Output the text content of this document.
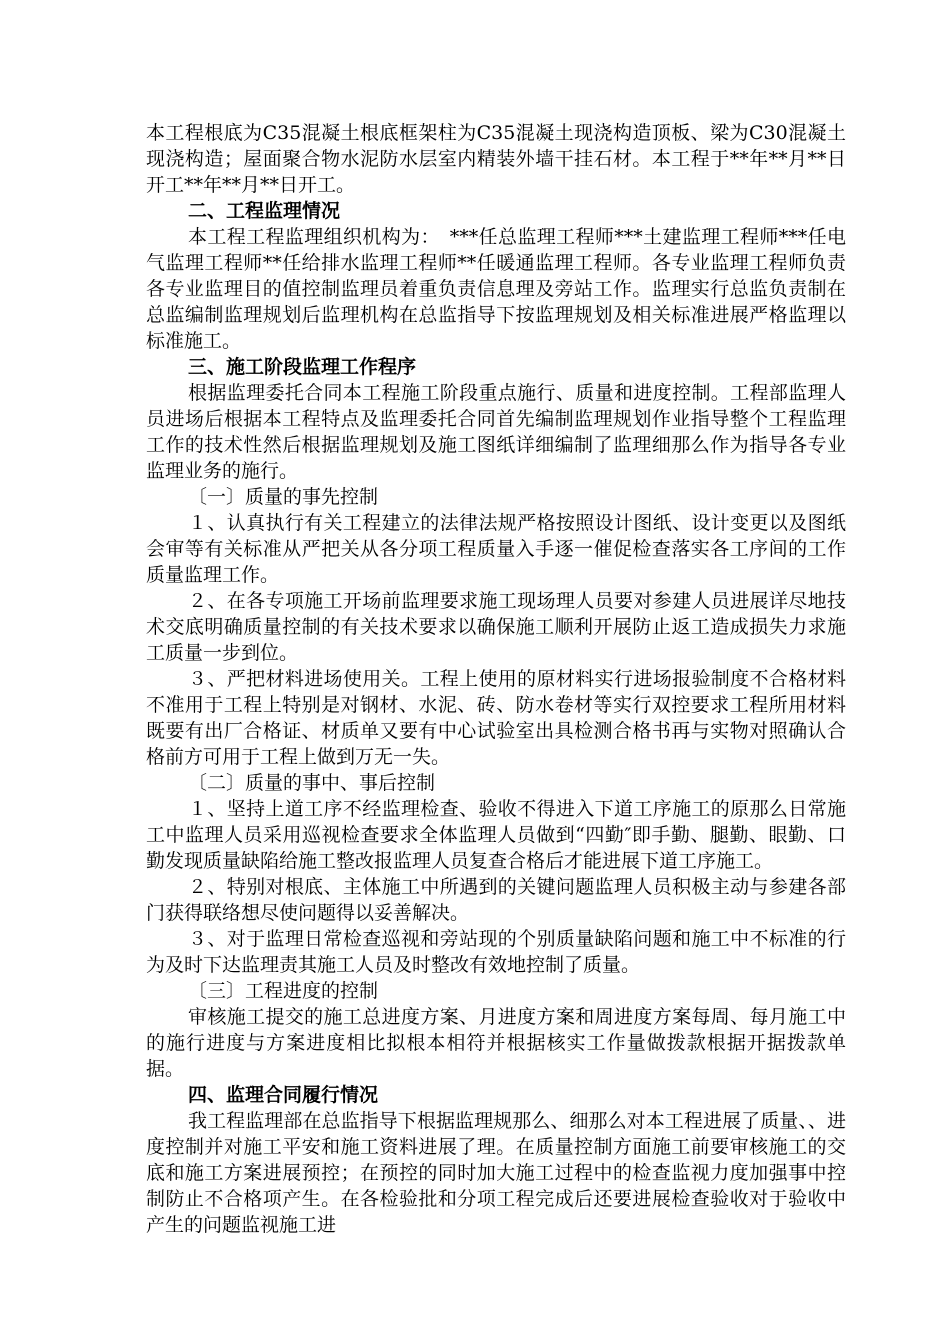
本工程根底为C35混凝土根底框架柱为C35混凝土现浇构造顶板、梁为C30混凝土现浇构造；屋面聚合物水泥防水层室内精装外墙干挂石材。本工程于**年**月**日开工**年**月**日开工。

二、工程监理情况

本工程工程监理组织机构为：　***任总监理工程师***土建监理工程师***任电气监理工程师**任给排水监理工程师**任暖通监理工程师。各专业监理工程师负责各专业监理目的值控制监理员着重负责信息理及旁站工作。监理实行总监负责制在总监编制监理规划后监理机构在总监指导下按监理规划及相关标准进展严格监理以标准施工。

三、施工阶段监理工作程序

根据监理委托合同本工程施工阶段重点施行、质量和进度控制。工程部监理人员进场后根据本工程特点及监理委托合同首先编制监理规划作业指导整个工程监理工作的技术性然后根据监理规划及施工图纸详细编制了监理细那么作为指导各专业监理业务的施行。

〔一〕质量的事先控制

１、认真执行有关工程建立的法律法规严格按照设计图纸、设计变更以及图纸会审等有关标准从严把关从各分项工程质量入手逐一催促检查落实各工序间的工作质量监理工作。

２、在各专项施工开场前监理要求施工现场理人员要对参建人员进展详尽地技术交底明确质量控制的有关技术要求以确保施工顺利开展防止返工造成损失力求施工质量一步到位。

３、严把材料进场使用关。工程上使用的原材料实行进场报验制度不合格材料不准用于工程上特别是对钢材、水泥、砖、防水卷材等实行双控要求工程所用材料既要有出厂合格证、材质单又要有中心试验室出具检测合格书再与实物对照确认合格前方可用于工程上做到万无一失。

〔二〕质量的事中、事后控制

１、坚持上道工序不经监理检查、验收不得进入下道工序施工的原那么日常施工中监理人员采用巡视检查要求全体监理人员做到“四勤″即手勤、腿勤、眼勤、口勤发现质量缺陷给施工整改报监理人员复查合格后才能进展下道工序施工。

２、特别对根底、主体施工中所遇到的关键问题监理人员积极主动与参建各部门获得联络想尽使问题得以妥善解决。

３、对于监理日常检查巡视和旁站现的个别质量缺陷问题和施工中不标准的行为及时下达监理责其施工人员及时整改有效地控制了质量。

〔三〕工程进度的控制

审核施工提交的施工总进度方案、月进度方案和周进度方案每周、每月施工中的施行进度与方案进度相比拟根本相符并根据核实工作量做拨款根据开据拨款单据。

四、监理合同履行情况

我工程监理部在总监指导下根据监理规那么、细那么对本工程进展了质量、、进度控制并对施工平安和施工资料进展了理。在质量控制方面施工前要审核施工的交底和施工方案进展预控；在预控的同时加大施工过程中的检查监视力度加强事中控制防止不合格项产生。在各检验批和分项工程完成后还要进展检查验收对于验收中产生的问题监视施工进
